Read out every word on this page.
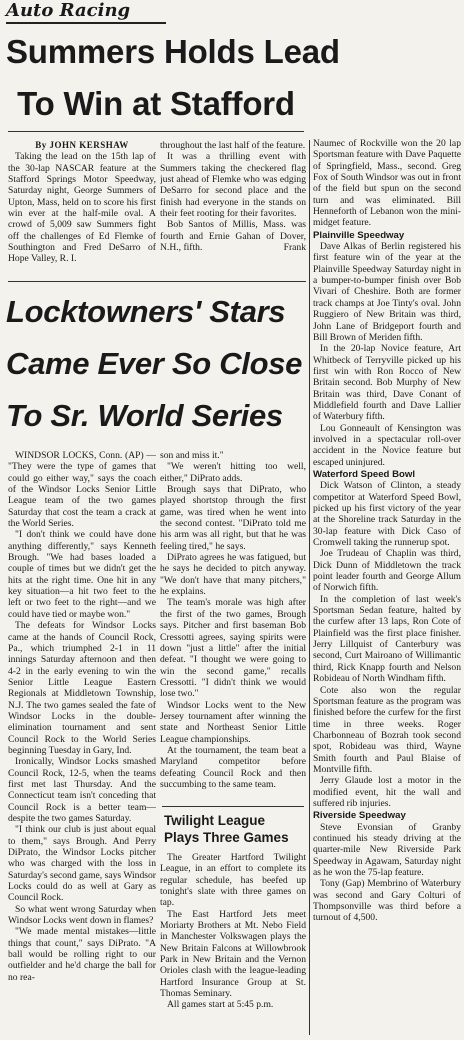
Auto Racing
Summers Holds Lead
To Win at Stafford
By JOHN KERSHAW

Taking the lead on the 15th lap of the 30-lap NASCAR feature at the Stafford Springs Motor Speedway, Saturday night, George Summers of Upton, Mass, held on to score his first win ever at the half-mile oval. A crowd of 5,009 saw Summers fight off the challenges of Ed Flemke of Southington and Fred DeSarro of Hope Valley, R. I.

throughout the last half of the feature.

It was a thrilling event with Summers taking the checkered flag just ahead of Flemke who was edging DeSarro for second place and the finish had everyone in the stands on their feet rooting for their favorites.

Bob Santos of Millis, Mass. was fourth and Ernie Gahan of Dover, N.H., fifth.	Frank
Locktowners' Stars
Came Ever So Close
To Sr. World Series

WINDSOR LOCKS, Conn. (AP) — "They were the type of games that could go either way," says the coach of the Windsor Locks Senior Little League team of the two games Saturday that cost the team a crack at the World Series.

"I don't think we could have done anything differently," says Kenneth Brough. "We had bases loaded a couple of times but we didn't get the hits at the right time. One hit in any key situation—a hit two feet to the left or two feet to the right—and we could have tied or maybe won."

The defeats for Windsor Locks came at the hands of Council Rock, Pa., which triumphed 2-1 in 11 innings Saturday afternoon and then 4-2 in the early evening to win the Senior Little League Eastern Regionals at Middletown Township, N.J. The two games sealed the fate of Windsor Locks in the double-elimination tournament and sent Council Rock to the World Series beginning Tuesday in Gary, Ind.

Ironically, Windsor Locks smashed Council Rock, 12-5, when the teams first met last Thursday. And the Connecticut team isn't conceding that Council Rock is a better team—despite the two games Saturday.

"I think our club is just about equal to them," says Brough. And Perry DiPrato, the Windsor Locks pitcher who was charged with the loss in Saturday's second game, says Windsor Locks could do as well at Gary as Council Rock.

So what went wrong Saturday when Windsor Locks went down in flames?

"We made mental mistakes—little things that count," says DiPrato. "A ball would be rolling right to our outfielder and he'd charge the ball for no rea-

son and miss it."

"We weren't hitting too well, either," DiPrato adds.

Brough says that DiPrato, who played shortstop through the first game, was tired when he went into the second contest. "DiPrato told me his arm was all right, but that he was feeling tired," he says.

DiPrato agrees he was fatigued, but he says he decided to pitch anyway. "We don't have that many pitchers," he explains.

The team's morale was high after the first of the two games, Brough says. Pitcher and first baseman Bob Cressotti agrees, saying spirits were down "just a little" after the initial defeat. "I thought we were going to win the second game," recalls Cressotti. "I didn't think we would lose two."

Windsor Locks went to the New Jersey tournament after winning the state and Northeast Senior Little League championships.

At the tournament, the team beat a Maryland competitor before defeating Council Rock and then succumbing to the same team.

Twilight League
Plays Three Games

The Greater Hartford Twilight League, in an effort to complete its regular schedule, has beefed up tonight's slate with three games on tap.

The East Hartford Jets meet Moriarty Brothers at Mt. Nebo Field in Manchester Volkswagen plays the New Britain Falcons at Willowbrook Park in New Britain and the Vernon Orioles clash with the league-leading Hartford Insurance Group at St. Thomas Seminary.

All games start at 5:45 p.m.

Naumec of Rockville won the 20 lap Sportsman feature with Dave Paquette of Springfield, Mass., second. Greg Fox of South Windsor was out in front of the field but spun on the second turn and was eliminated. Bill Henneforth of Lebanon won the mini-midget feature.

Plainville Speedway

Dave Alkas of Berlin registered his first feature win of the year at the Plainville Speedway Saturday night in a bumper-to-bumper finish over Bob Vivari of Cheshire. Both are former track champs at Joe Tinty's oval. John Ruggiero of New Britain was third, John Lane of Bridgeport fourth and Bill Brown of Meriden fifth.

In the 20-lap Novice feature, Art Whitbeck of Terryville picked up his first win with Ron Rocco of New Britain second. Bob Murphy of New Britain was third, Dave Conant of Middlefield fourth and Dave Lallier of Waterbury fifth.

Lou Gonneault of Kensington was involved in a spectacular roll-over accident in the Novice feature but escaped uninjured.

Waterford Speed Bowl

Dick Watson of Clinton, a steady competitor at Waterford Speed Bowl, picked up his first victory of the year at the Shoreline track Saturday in the 30-lap feature with Dick Caso of Cromwell taking the runnerup spot.

Joe Trudeau of Chaplin was third, Dick Dunn of Middletown the track point leader fourth and George Allum of Norwich fifth.

In the completion of last week's Sportsman Sedan feature, halted by the curfew after 13 laps, Ron Cote of Plainfield was the first place finisher. Jerry Lillquist of Canterbury was second, Curt Mairoano of Willimantic third, Rick Knapp fourth and Nelson Robideau of North Windham fifth.

Cote also won the regular Sportsman feature as the program was finished before the curfew for the first time in three weeks. Roger Charbonneau of Bozrah took second spot, Robideau was third, Wayne Smith fourth and Paul Blaise of Montville fifth.

Jerry Glaude lost a motor in the modified event, hit the wall and suffered rib injuries.

Riverside Speedway

Steve Evonsian of Granby continued his steady driving at the quarter-mile New Riverside Park Speedway in Agawam, Saturday night as he won the 75-lap feature.

Tony (Gap) Membrino of Waterbury was second and Gary Colturi of Thompsonville was third before a turnout of 4,500.
